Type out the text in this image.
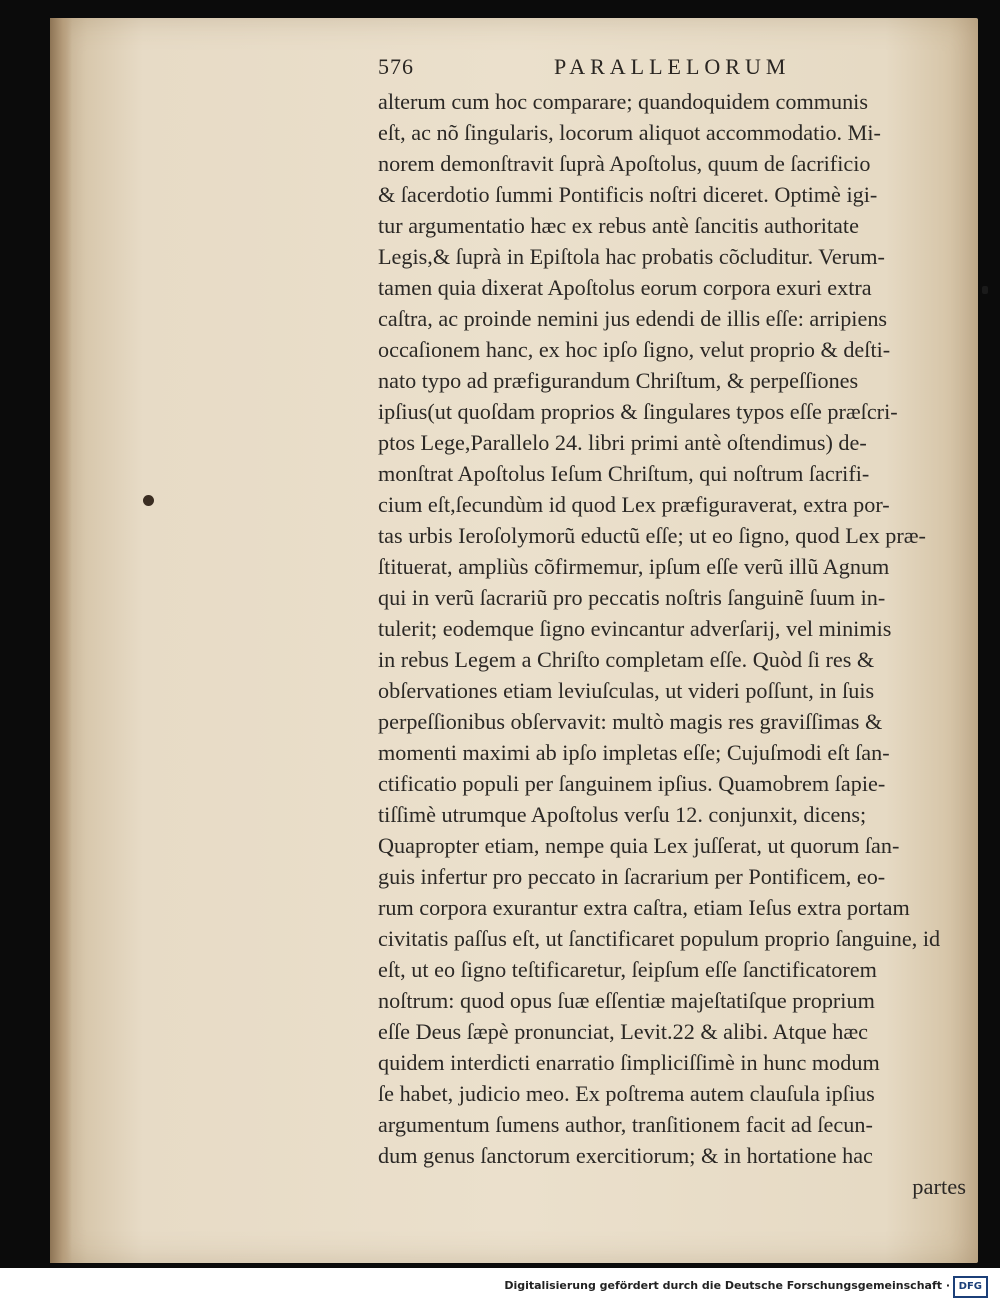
576	PARALLELORUM
alterum cum hoc comparare; quandoquidem communis
eſt, ac nõ ſingularis, locorum aliquot accommodatio. Mi-
norem demonſtravit ſuprà Apoſtolus, quum de ſacrificio
& ſacerdotio ſummi Pontificis noſtri diceret. Optimè igi-
tur argumentatio hæc ex rebus antè ſancitis authoritate
Legis,& ſuprà in Epiſtola hac probatis cõcluditur. Verum-
tamen quia dixerat Apoſtolus eorum corpora exuri extra
caſtra, ac proinde nemini jus edendi de illis eſſe: arripiens
occaſionem hanc, ex hoc ipſo ſigno, velut proprio & deſti-
nato typo ad præfigurandum Chriſtum, & perpeſſiones
ipſius(ut quoſdam proprios & ſingulares typos eſſe præſcri-
ptos Lege,Parallelo 24. libri primi antè oſtendimus) de-
monſtrat Apoſtolus Ieſum Chriſtum, qui noſtrum ſacrifi-
cium eſt,ſecundùm id quod Lex præfiguraverat, extra por-
tas urbis Ieroſolymorũ eductũ eſſe; ut eo ſigno, quod Lex præ-
ſtituerat, ampliùs cõfirmemur, ipſum eſſe verũ illũ Agnum
qui in verũ ſacrariũ pro peccatis noſtris ſanguinẽ ſuum in-
tulerit; eodemque ſigno evincantur adverſarij, vel minimis
in rebus Legem a Chriſto completam eſſe. Quòd ſi res &
obſervationes etiam leviuſculas, ut videri poſſunt, in ſuis
perpeſſionibus obſervavit: multò magis res graviſſimas &
momenti maximi ab ipſo impletas eſſe; Cujuſmodi eſt ſan-
ctificatio populi per ſanguinem ipſius. Quamobrem ſapie-
tiſſimè utrumque Apoſtolus verſu 12. conjunxit, dicens;
Quapropter etiam, nempe quia Lex juſſerat, ut quorum ſan-
guis infertur pro peccato in ſacrarium per Pontificem, eo-
rum corpora exurantur extra caſtra, etiam Ieſus extra portam
civitatis paſſus eſt, ut ſanctificaret populum proprio ſanguine, id
eſt, ut eo ſigno teſtificaretur, ſeipſum eſſe ſanctificatorem
noſtrum: quod opus ſuæ eſſentiæ majeſtatiſque proprium
eſſe Deus ſæpè pronunciat, Levit.22 & alibi. Atque hæc
quidem interdicti enarratio ſimpliciſſimè in hunc modum
ſe habet, judicio meo. Ex poſtrema autem clauſula ipſius
argumentum ſumens author, tranſitionem facit ad ſecun-
dum genus ſanctorum exercitiorum; & in hortatione hac
partes
Digitalisierung gefördert durch die Deutsche Forschungsgemeinschaft · DFG
